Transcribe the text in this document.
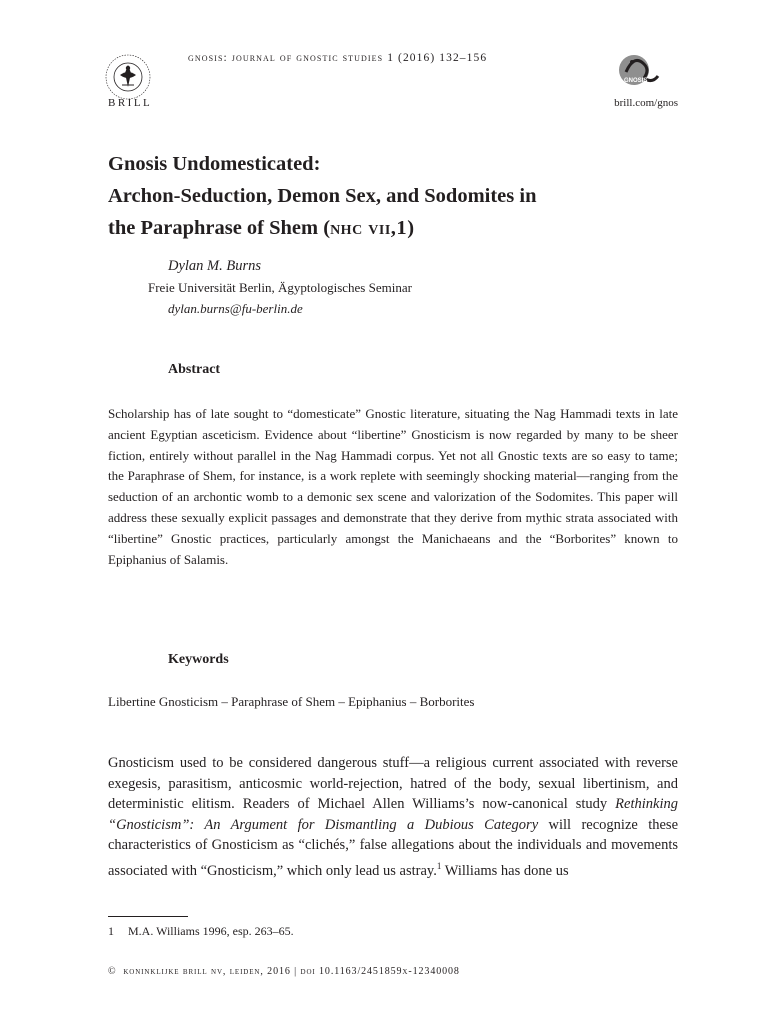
BRILL
gnosis: journal of gnostic studies 1 (2016) 132–156
GNOSIS
brill.com/gnos
Gnosis Undomesticated:
Archon-Seduction, Demon Sex, and Sodomites in
the Paraphrase of Shem (nhc vii,1)
Dylan M. Burns
Freie Universität Berlin, Ägyptologisches Seminar
dylan.burns@fu-berlin.de
Abstract
Scholarship has of late sought to “domesticate” Gnostic literature, situating the Nag Hammadi texts in late ancient Egyptian asceticism. Evidence about “libertine” Gnosticism is now regarded by many to be sheer fiction, entirely without parallel in the Nag Hammadi corpus. Yet not all Gnostic texts are so easy to tame; the Paraphrase of Shem, for instance, is a work replete with seemingly shocking material—ranging from the seduction of an archontic womb to a demonic sex scene and valorization of the Sodomites. This paper will address these sexually explicit passages and demonstrate that they derive from mythic strata associated with “libertine” Gnostic practices, particularly amongst the Manichaeans and the “Borborites” known to Epiphanius of Salamis.
Keywords
Libertine Gnosticism – Paraphrase of Shem – Epiphanius – Borborites
Gnosticism used to be considered dangerous stuff—a religious current associated with reverse exegesis, parasitism, anticosmic world-rejection, hatred of the body, sexual libertinism, and deterministic elitism. Readers of Michael Allen Williams’s now-canonical study Rethinking “Gnosticism”: An Argument for Dismantling a Dubious Category will recognize these characteristics of Gnosticism as “clichés,” false allegations about the individuals and movements associated with “Gnosticism,” which only lead us astray.$^1$ Williams has done us
1 M.A. Williams 1996, esp. 263–65.
© koninklijke brill nv, leiden, 2016 | doi 10.1163/2451859x-12340008
